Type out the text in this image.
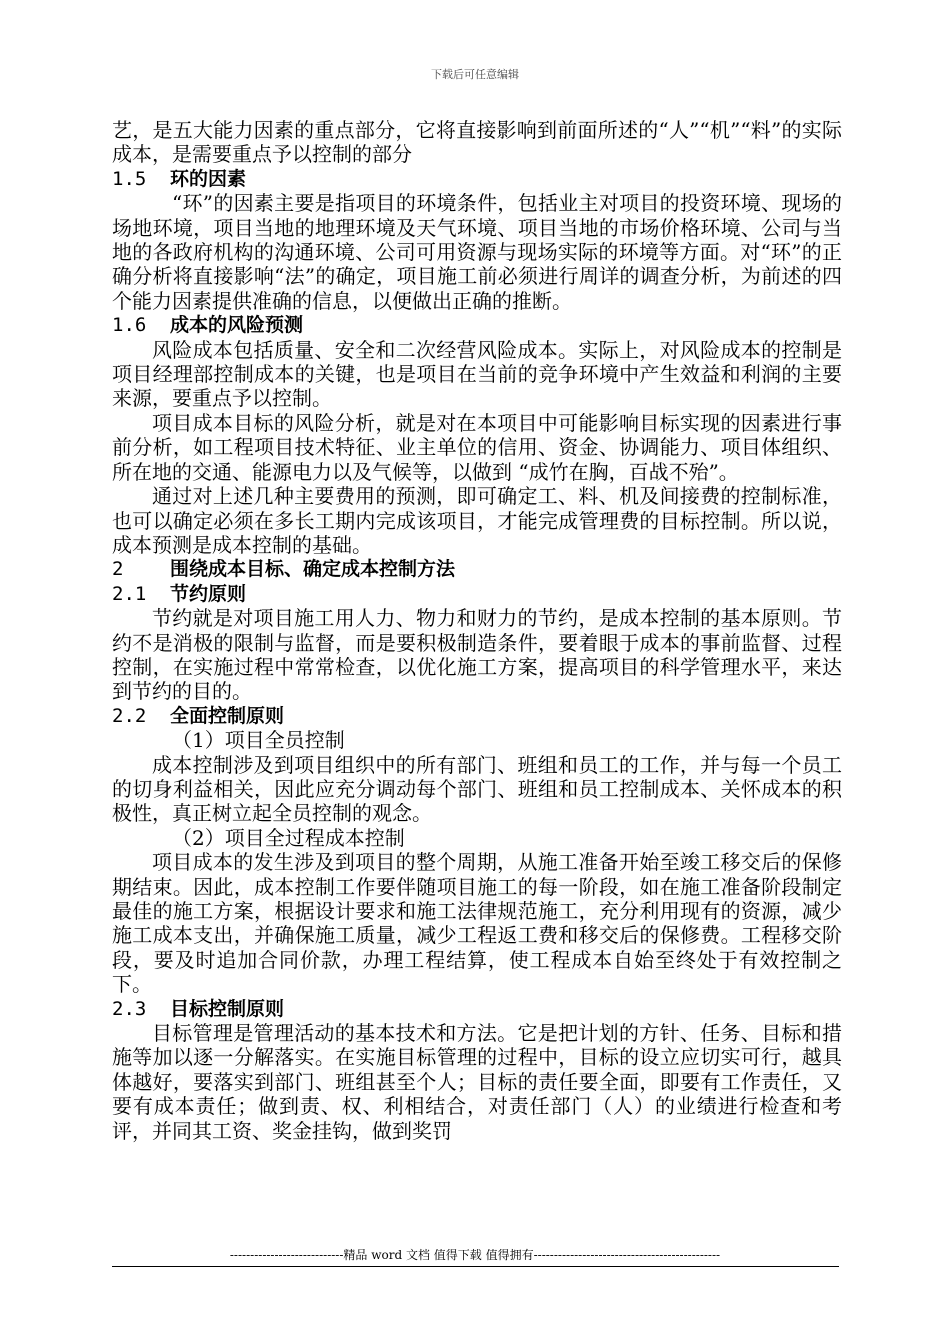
下载后可任意编辑

艺，是五大能力因素的重点部分，它将直接影响到前面所述的“人”“机”“料”的实际成本，是需要重点予以控制的部分

1.5 环的因素

“环”的因素主要是指项目的环境条件，包括业主对项目的投资环境、现场的场地环境，项目当地的地理环境及天气环境、项目当地的市场价格环境、公司与当地的各政府机构的沟通环境、公司可用资源与现场实际的环境等方面。对“环”的正确分析将直接影响“法”的确定，项目施工前必须进行周详的调查分析，为前述的四个能力因素提供准确的信息，以便做出正确的推断。

1.6 成本的风险预测

风险成本包括质量、安全和二次经营风险成本。实际上，对风险成本的控制是项目经理部控制成本的关键，也是项目在当前的竞争环境中产生效益和利润的主要来源，要重点予以控制。

项目成本目标的风险分析，就是对在本项目中可能影响目标实现的因素进行事前分析，如工程项目技术特征、业主单位的信用、资金、协调能力、项目体组织、所在地的交通、能源电力以及气候等，以做到 “成竹在胸，百战不殆”。

通过对上述几种主要费用的预测，即可确定工、料、机及间接费的控制标准，也可以确定必须在多长工期内完成该项目，才能完成管理费的目标控制。所以说，成本预测是成本控制的基础。

2 围绕成本目标、确定成本控制方法
2.1 节约原则

节约就是对项目施工用人力、物力和财力的节约，是成本控制的基本原则。节约不是消极的限制与监督，而是要积极制造条件，要着眼于成本的事前监督、过程控制，在实施过程中常常检查，以优化施工方案，提高项目的科学管理水平，来达到节约的目的。

2.2 全面控制原则

（1）项目全员控制

成本控制涉及到项目组织中的所有部门、班组和员工的工作，并与每一个员工的切身利益相关，因此应充分调动每个部门、班组和员工控制成本、关怀成本的积极性，真正树立起全员控制的观念。

（2）项目全过程成本控制

项目成本的发生涉及到项目的整个周期，从施工准备开始至竣工移交后的保修期结束。因此，成本控制工作要伴随项目施工的每一阶段，如在施工准备阶段制定最佳的施工方案，根据设计要求和施工法律规范施工，充分利用现有的资源，减少施工成本支出，并确保施工质量，减少工程返工费和移交后的保修费。工程移交阶段，要及时追加合同价款，办理工程结算，使工程成本自始至终处于有效控制之下。

2.3 目标控制原则

目标管理是管理活动的基本技术和方法。它是把计划的方针、任务、目标和措施等加以逐一分解落实。在实施目标管理的过程中，目标的设立应切实可行，越具体越好，要落实到部门、班组甚至个人；目标的责任要全面，即要有工作责任，又要有成本责任；做到责、权、利相结合，对责任部门（人）的业绩进行检查和考评，并同其工资、奖金挂钩，做到奖罚

----------------------------精品 word 文档 值得下载 值得拥有----------------------------------------------
